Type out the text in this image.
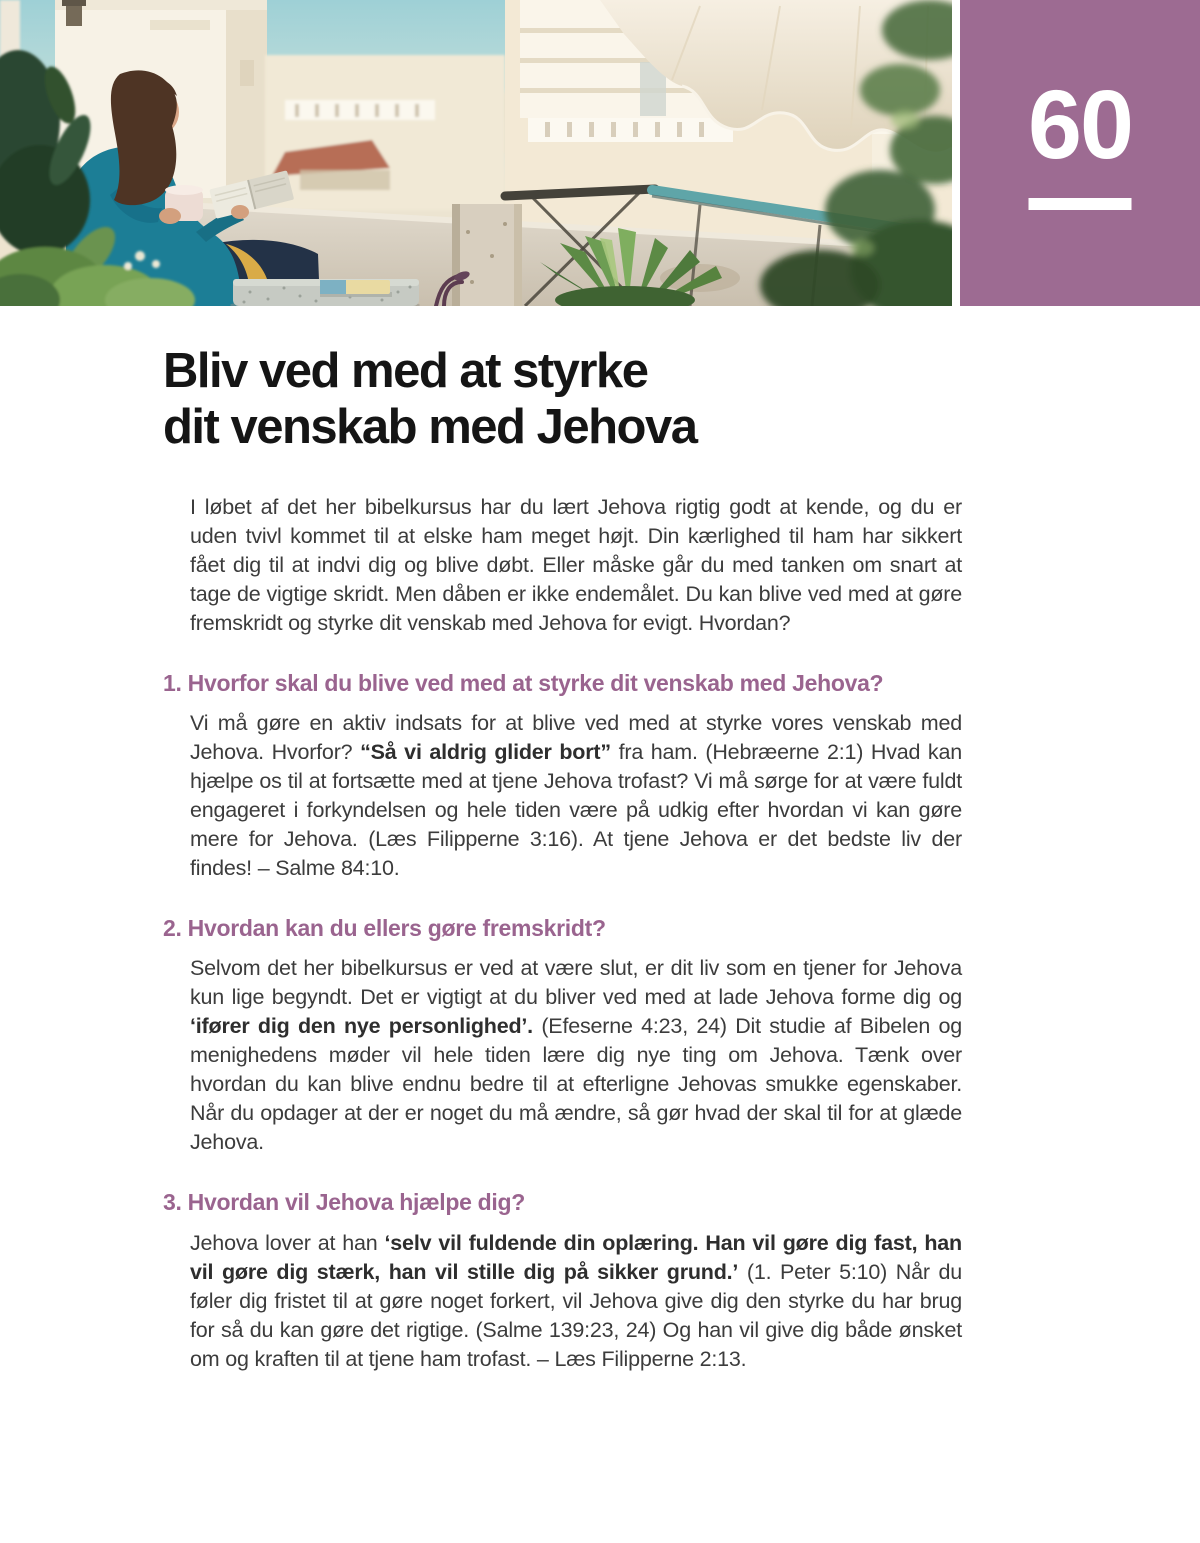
60
Bliv ved med at styrke
dit venskab med Jehova

I løbet af det her bibelkursus har du lært Jehova rigtig godt at kende, og du er uden tvivl kommet til at elske ham meget højt. Din kærlighed til ham har sikkert fået dig til at indvi dig og blive døbt. Eller måske går du med tanken om snart at tage de vigtige skridt. Men dåben er ikke endemålet. Du kan blive ved med at gøre fremskridt og styrke dit venskab med Jehova for evigt. Hvordan?

1. Hvorfor skal du blive ved med at styrke dit venskab med Jehova?

Vi må gøre en aktiv indsats for at blive ved med at styrke vores venskab med Jehova. Hvorfor? “Så vi aldrig glider bort” fra ham. (Hebræerne 2:1) Hvad kan hjælpe os til at fortsætte med at tjene Jehova trofast? Vi må sørge for at være fuldt engageret i forkyndelsen og hele tiden være på udkig efter hvordan vi kan gøre mere for Jehova. (Læs Filipperne 3:16). At tjene Jehova er det bedste liv der findes! – Salme 84:10.

2. Hvordan kan du ellers gøre fremskridt?

Selvom det her bibelkursus er ved at være slut, er dit liv som en tjener for Jehova kun lige begyndt. Det er vigtigt at du bliver ved med at lade Jehova forme dig og ‘ifører dig den nye personlighed’. (Efeserne 4:23, 24) Dit studie af Bibelen og menighedens møder vil hele tiden lære dig nye ting om Jehova. Tænk over hvordan du kan blive endnu bedre til at efterligne Jehovas smukke egenskaber. Når du opdager at der er noget du må ændre, så gør hvad der skal til for at glæde Jehova.

3. Hvordan vil Jehova hjælpe dig?

Jehova lover at han ‘selv vil fuldende din oplæring. Han vil gøre dig fast, han vil gøre dig stærk, han vil stille dig på sikker grund.’ (1. Peter 5:10) Når du føler dig fristet til at gøre noget forkert, vil Jehova give dig den styrke du har brug for så du kan gøre det rigtige. (Salme 139:23, 24) Og han vil give dig både ønsket om og kraften til at tjene ham trofast. – Læs Filipperne 2:13.
